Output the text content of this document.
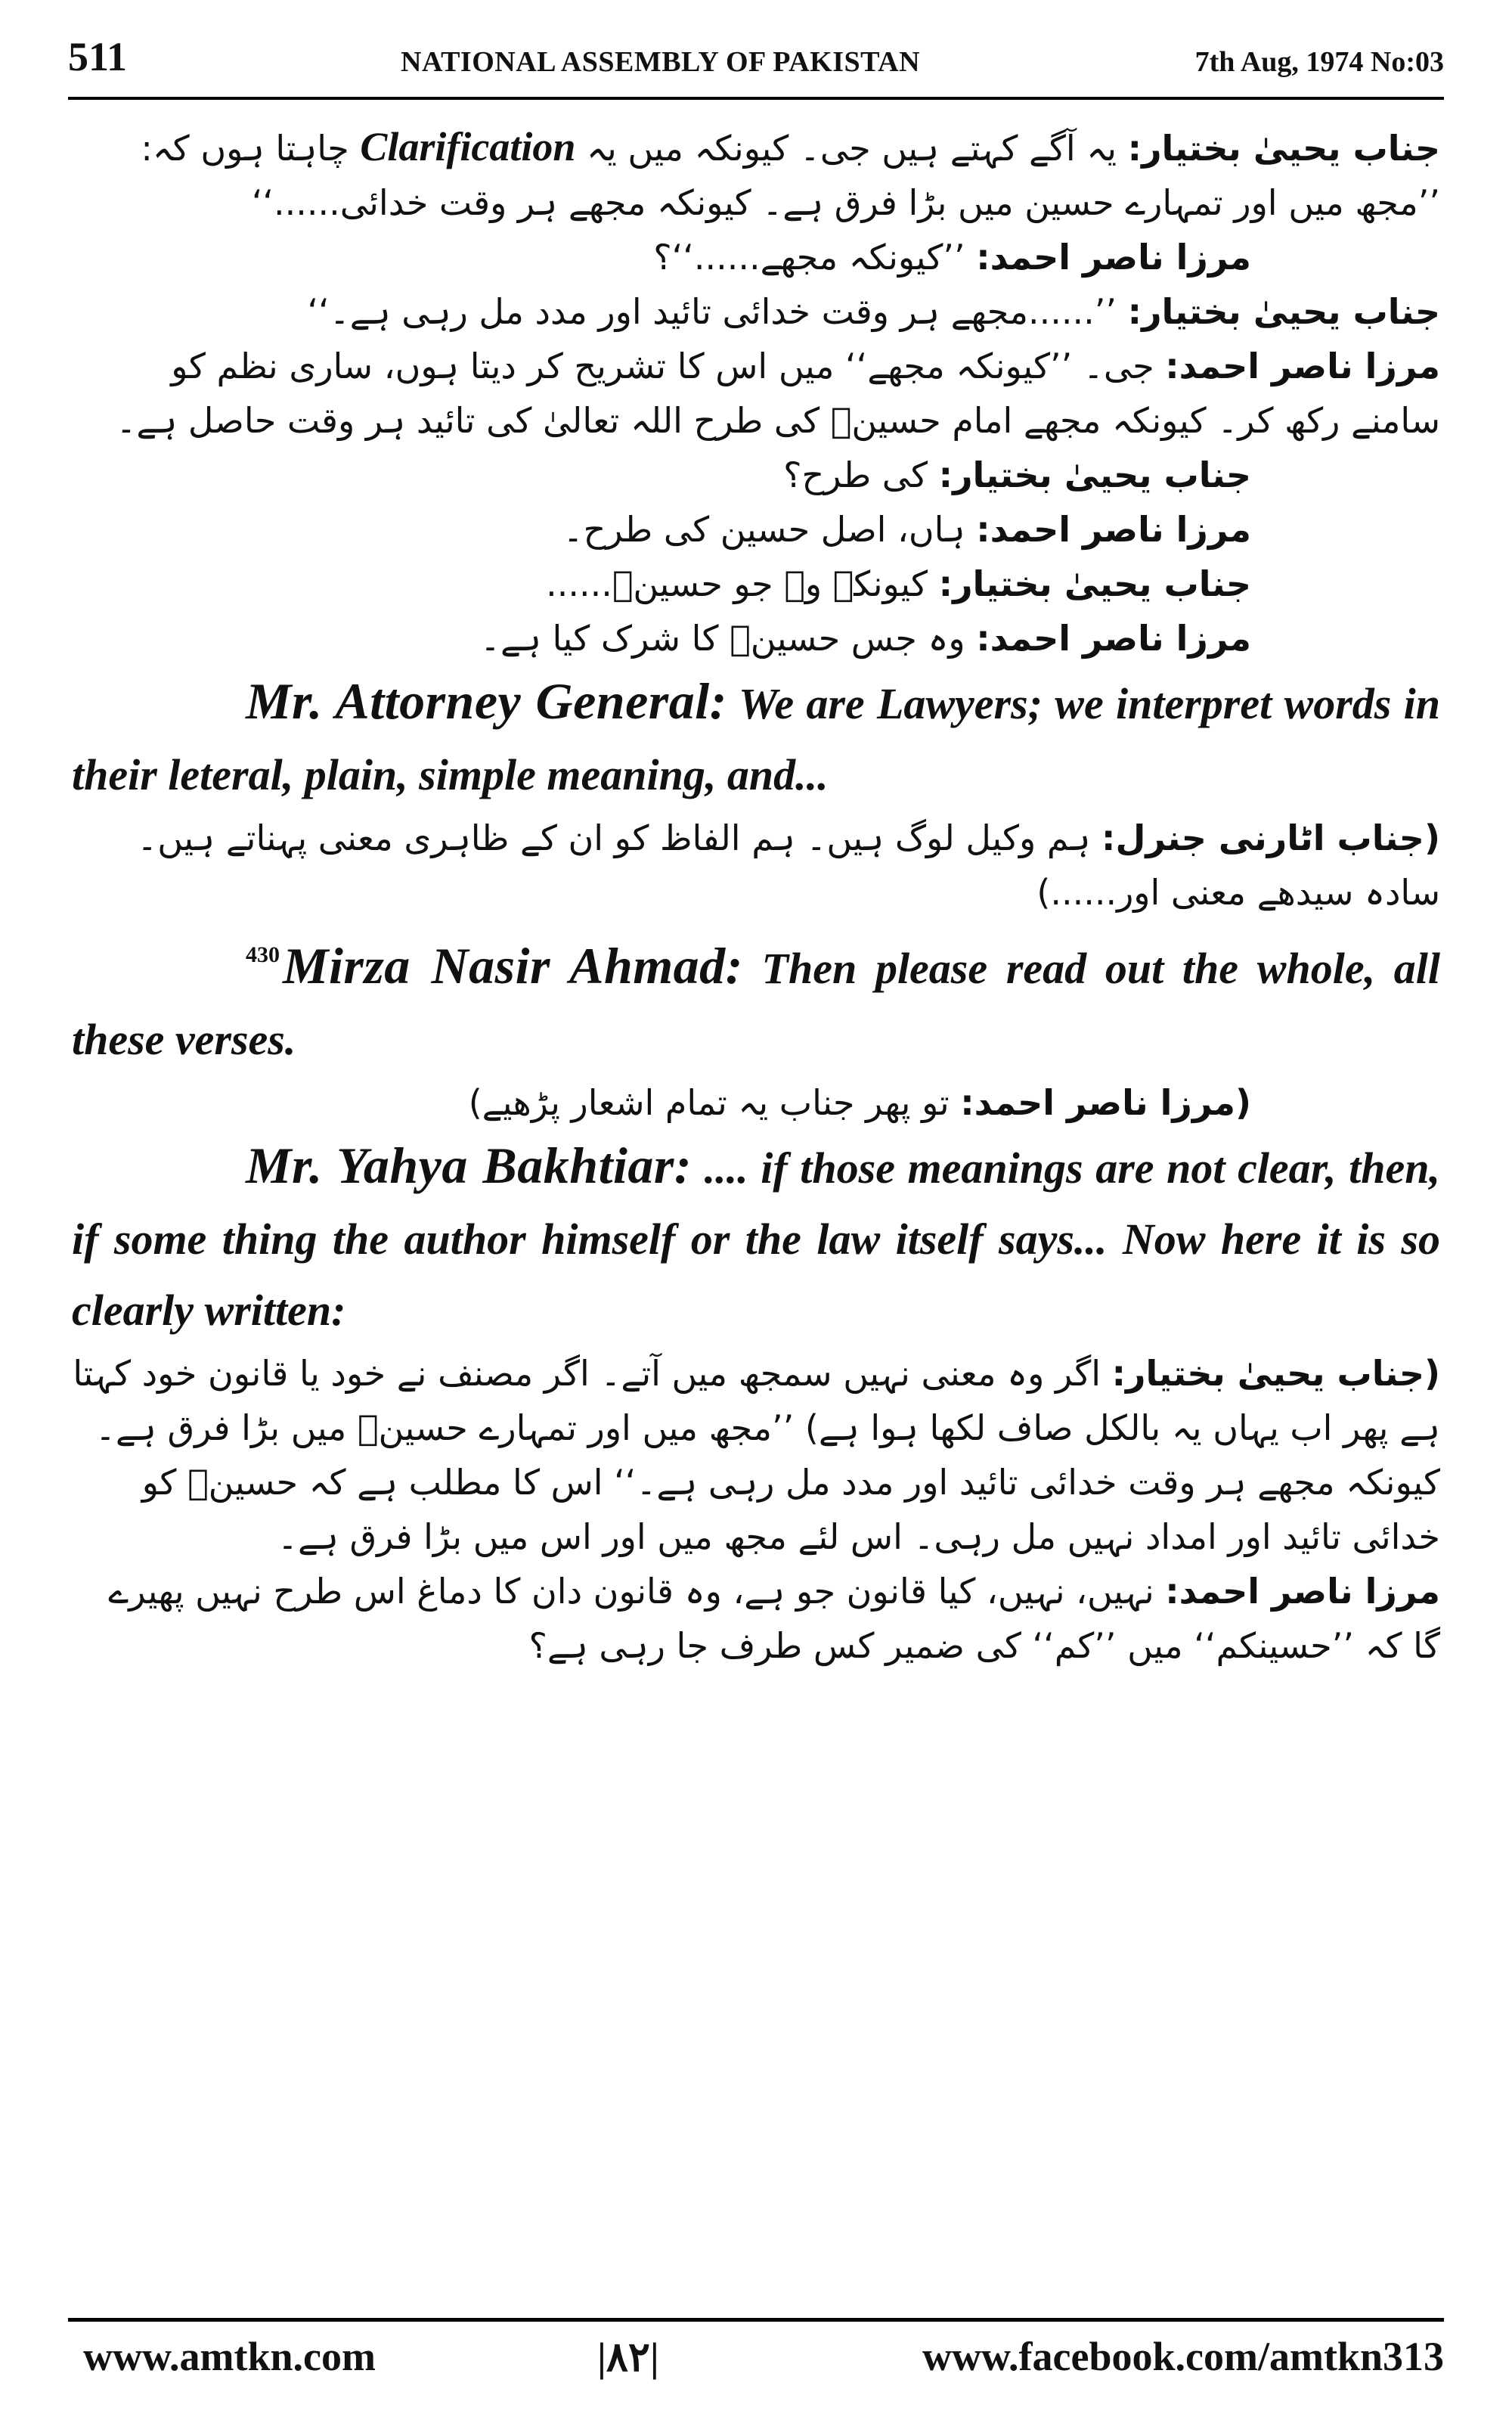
511	NATIONAL ASSEMBLY OF PAKISTAN	7th Aug, 1974 No:03

جناب یحییٰ بختیار: یہ آگے کہتے ہیں جی۔ کیونکہ میں یہ Clarification چاہتا ہوں کہ: ’’مجھ میں اور تمہارے حسین میں بڑا فرق ہے۔ کیونکہ مجھے ہر وقت خدائی......‘‘

مرزا ناصر احمد: ’’کیونکہ مجھے......‘‘؟

جناب یحییٰ بختیار: ’’......مجھے ہر وقت خدائی تائید اور مدد مل رہی ہے۔‘‘

مرزا ناصر احمد: جی۔ ’’کیونکہ مجھے‘‘ میں اس کا تشریح کر دیتا ہوں، ساری نظم کو سامنے رکھ کر۔ کیونکہ مجھے امام حسینؓ کی طرح اللہ تعالیٰ کی تائید ہر وقت حاصل ہے۔

جناب یحییٰ بختیار: کی طرح؟

مرزا ناصر احمد: ہاں، اصل حسین کی طرح۔

جناب یحییٰ بختیار: کیونکہ وہ جو حسینؓ......

مرزا ناصر احمد: وہ جس حسینؓ کا شرک کیا ہے۔

Mr. Attorney General: We are Lawyers; we interpret words in their leteral, plain, simple meaning, and...

(جناب اٹارنی جنرل: ہم وکیل لوگ ہیں۔ ہم الفاظ کو ان کے ظاہری معنی پہناتے ہیں۔ سادہ سیدھے معنی اور......)

$^{430}$Mirza Nasir Ahmad: Then please read out the whole, all these verses.

(مرزا ناصر احمد: تو پھر جناب یہ تمام اشعار پڑھیے)

Mr. Yahya Bakhtiar: .... if those meanings are not clear, then, if some thing the author himself or the law itself says... Now here it is so clearly written:

(جناب یحییٰ بختیار: اگر وہ معنی نہیں سمجھ میں آتے۔ اگر مصنف نے خود یا قانون خود کہتا ہے پھر اب یہاں یہ بالکل صاف لکھا ہوا ہے) ’’مجھ میں اور تمہارے حسینؓ میں بڑا فرق ہے۔ کیونکہ مجھے ہر وقت خدائی تائید اور مدد مل رہی ہے۔‘‘ اس کا مطلب ہے کہ حسینؓ کو خدائی تائید اور امداد نہیں مل رہی۔ اس لئے مجھ میں اور اس میں بڑا فرق ہے۔

مرزا ناصر احمد: نہیں، نہیں، کیا قانون جو ہے، وہ قانون دان کا دماغ اس طرح نہیں پھیرے گا کہ ’’حسینکم‘‘ میں ’’کم‘‘ کی ضمیر کس طرف جا رہی ہے؟

www.amtkn.com	|٨٢|	www.facebook.com/amtkn313
